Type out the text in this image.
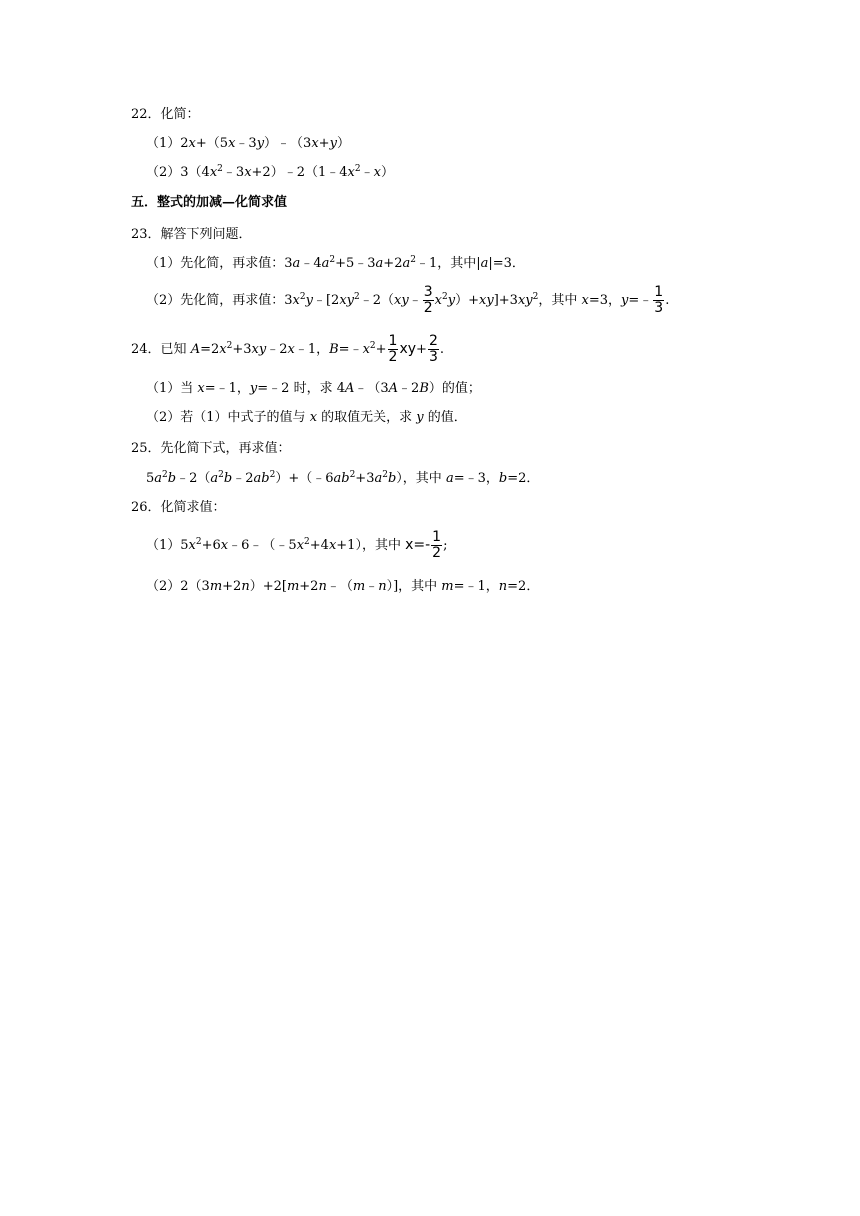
22．化简：
（1）2x+（5x﹣3y）﹣（3x+y）
$(2)3(4x^2﹣3x+2)﹣2(1﹣4x^2﹣x)$
五．整式的加减—化简求值
23．解答下列问题．
（1）先化简，再求值：$3a﹣4a^2+5﹣3a+2a^2﹣1$，其中|a|=3．
（2）先化简，再求值：$3x^2y﹣[2xy^2﹣2(xy﹣ \frac{3}{2} x^2y)+xy]+3xy^2$，其中 x=3，y=﹣ $\frac{1}{3}$ .
24．已知 $A=2x^2+3xy﹣2x﹣1$，$B=﹣x^2+ \frac{1}{2} xy+ \frac{2}{3}$ .
（1）当 x=﹣1，y=﹣2 时，求 4A﹣（3A﹣2B）的值；
（2）若（1）中式子的值与 x 的取值无关，求 y 的值．
25．先化简下式，再求值：
$5a^2b﹣2(a^2b﹣2ab^2)+(﹣6ab^2+3a^2b)$，其中 a=﹣3，b=2．
26．化简求值：
$(1)5x^2+6x﹣6﹣(﹣5x^2+4x+1)$，其中 $x=- \frac{1}{2}$ ;
（2）2（3m+2n）+2[m+2n﹣（m﹣n）]，其中 m=﹣1，n=2．
